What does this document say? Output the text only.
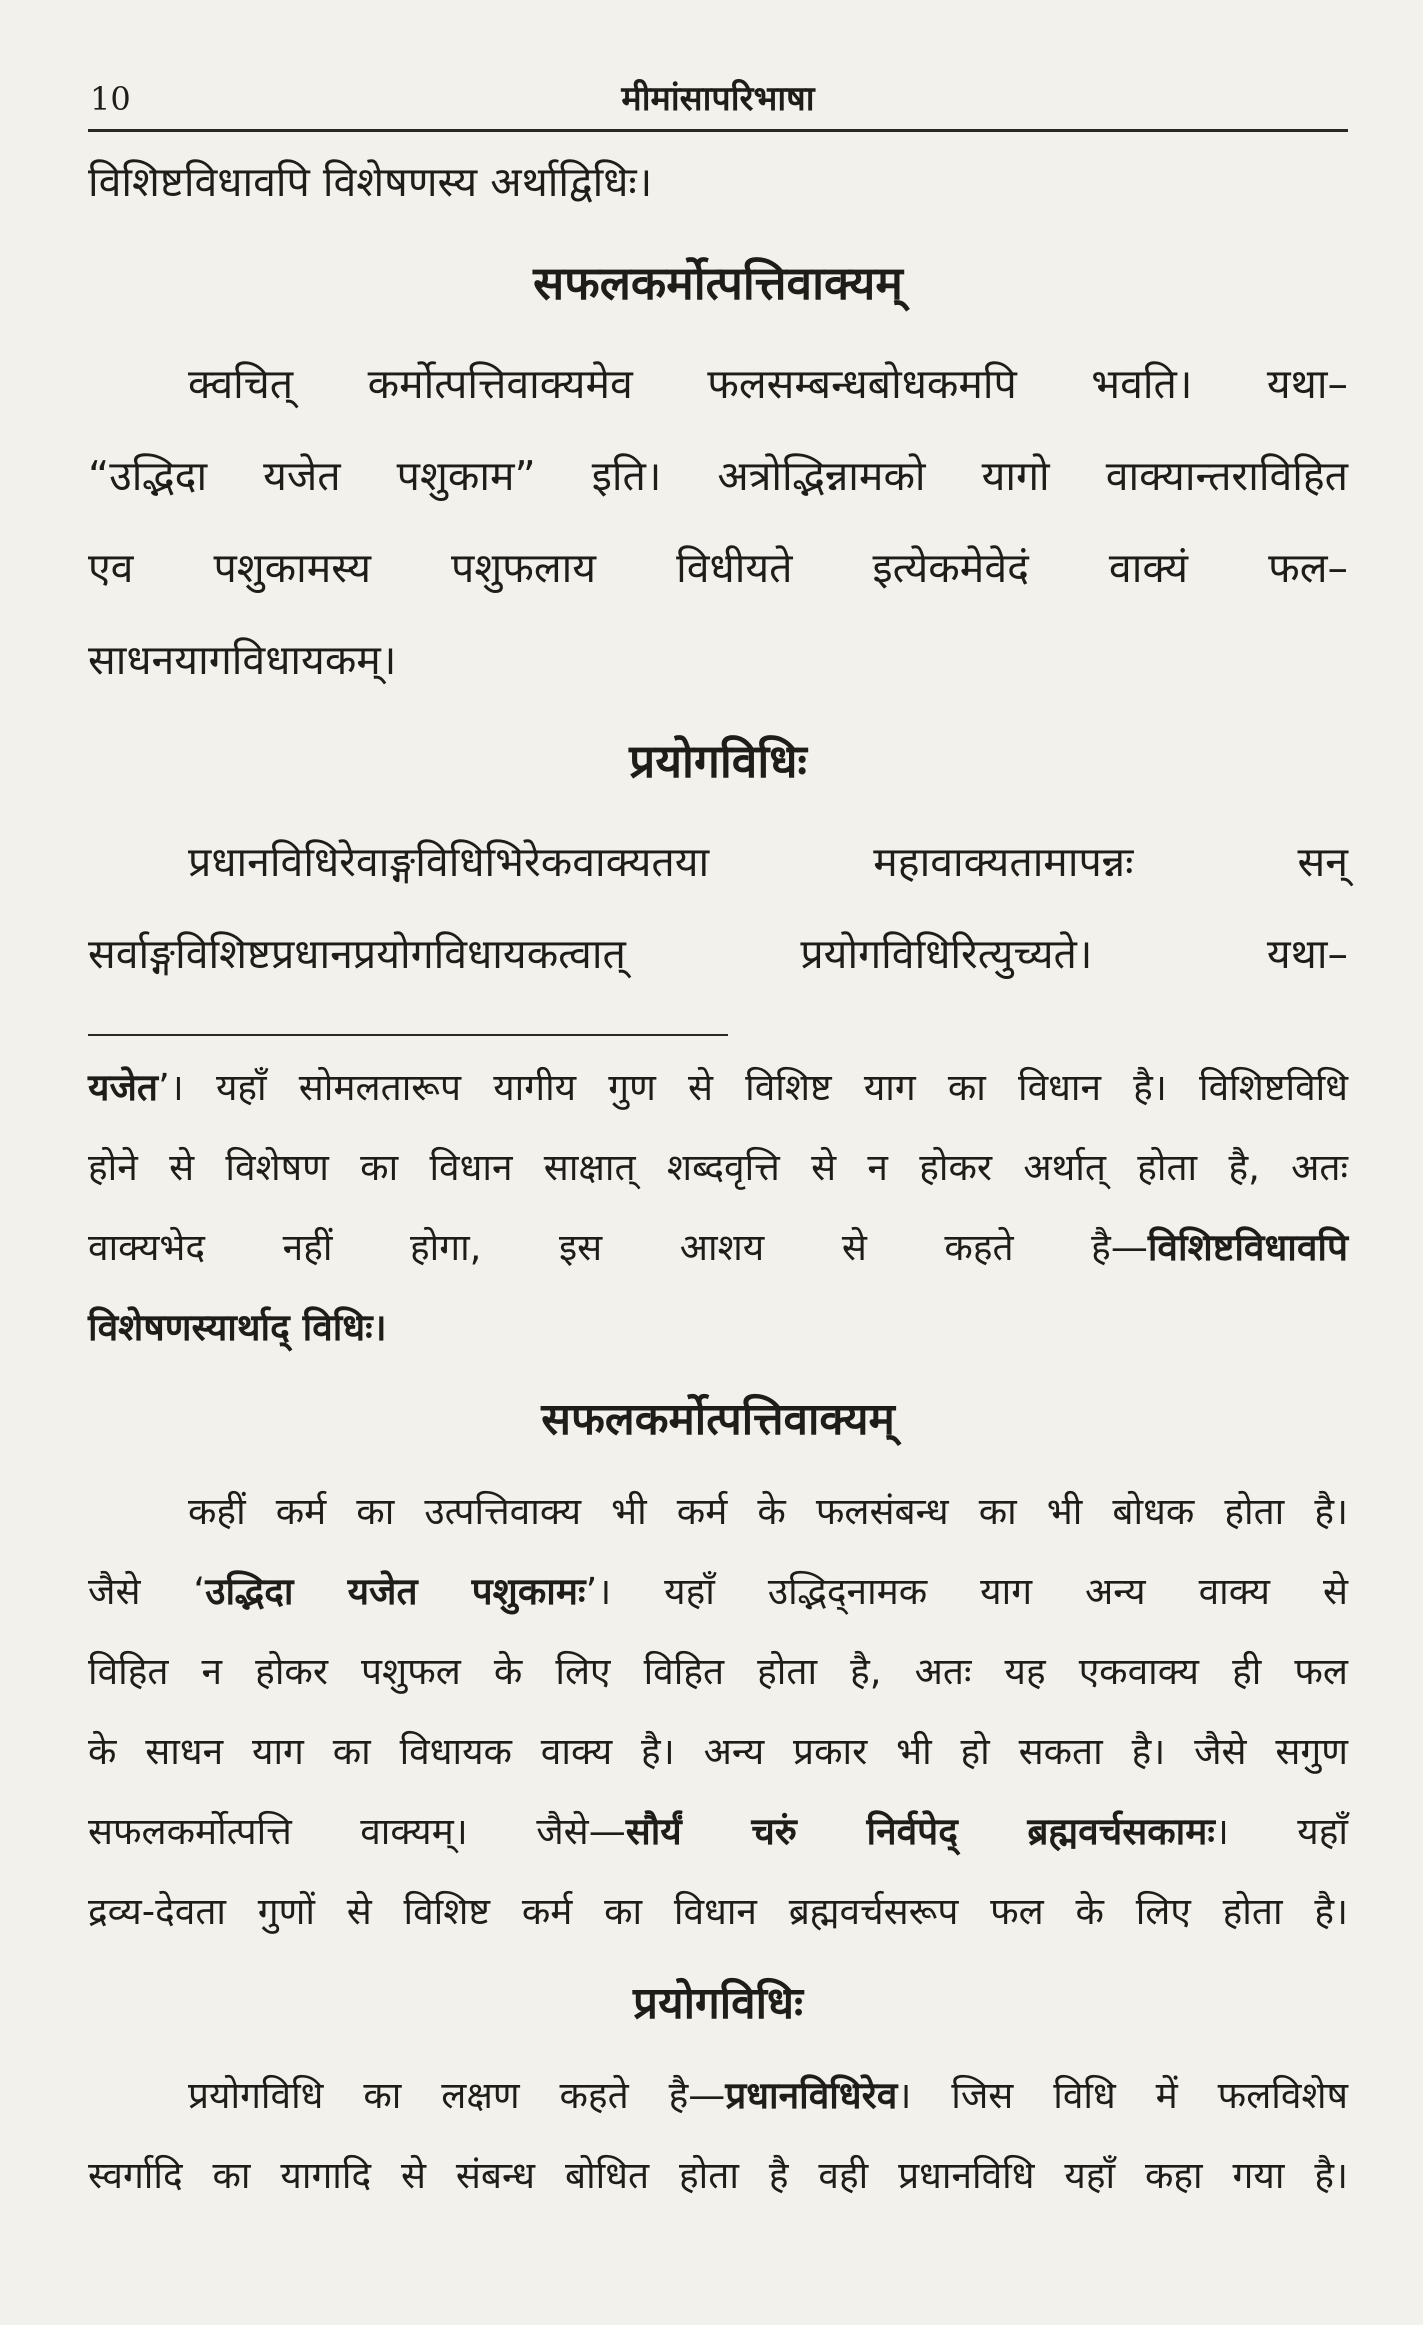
10	मीमांसापरिभाषा

विशिष्टविधावपि विशेषणस्य अर्थाद्विधिः।

सफलकर्मोत्पत्तिवाक्यम्

क्वचित् कर्मोत्पत्तिवाक्यमेव फलसम्बन्धबोधकमपि भवति। यथा–

“उद्भिदा यजेत पशुकाम” इति। अत्रोद्भिन्नामको यागो वाक्यान्तराविहित

एव पशुकामस्य पशुफलाय विधीयते इत्येकमेवेदं वाक्यं फल–

साधनयागविधायकम्।

प्रयोगविधिः

प्रधानविधिरेवाङ्गविधिभिरेकवाक्यतया महावाक्यतामापन्नः सन्

सर्वाङ्गविशिष्टप्रधानप्रयोगविधायकत्वात् प्रयोगविधिरित्युच्यते। यथा–

यजेत’। यहाँ सोमलतारूप यागीय गुण से विशिष्ट याग का विधान है। विशिष्टविधि

होने से विशेषण का विधान साक्षात् शब्दवृत्ति से न होकर अर्थात् होता है, अतः

वाक्यभेद नहीं होगा, इस आशय से कहते है—विशिष्टविधावपि

विशेषणस्यार्थाद् विधिः।

सफलकर्मोत्पत्तिवाक्यम्

कहीं कर्म का उत्पत्तिवाक्य भी कर्म के फलसंबन्ध का भी बोधक होता है।

जैसे ‘उद्भिदा यजेत पशुकामः’। यहाँ उद्भिद्नामक याग अन्य वाक्य से

विहित न होकर पशुफल के लिए विहित होता है, अतः यह एकवाक्य ही फल

के साधन याग का विधायक वाक्य है। अन्य प्रकार भी हो सकता है। जैसे सगुण

सफलकर्मोत्पत्ति वाक्यम्। जैसे—सौर्यं चरुं निर्वपेद् ब्रह्मवर्चसकामः। यहाँ

द्रव्य-देवता गुणों से विशिष्ट कर्म का विधान ब्रह्मवर्चसरूप फल के लिए होता है।

प्रयोगविधिः

प्रयोगविधि का लक्षण कहते है—प्रधानविधिरेव। जिस विधि में फलविशेष

स्वर्गादि का यागादि से संबन्ध बोधित होता है वही प्रधानविधि यहाँ कहा गया है।
